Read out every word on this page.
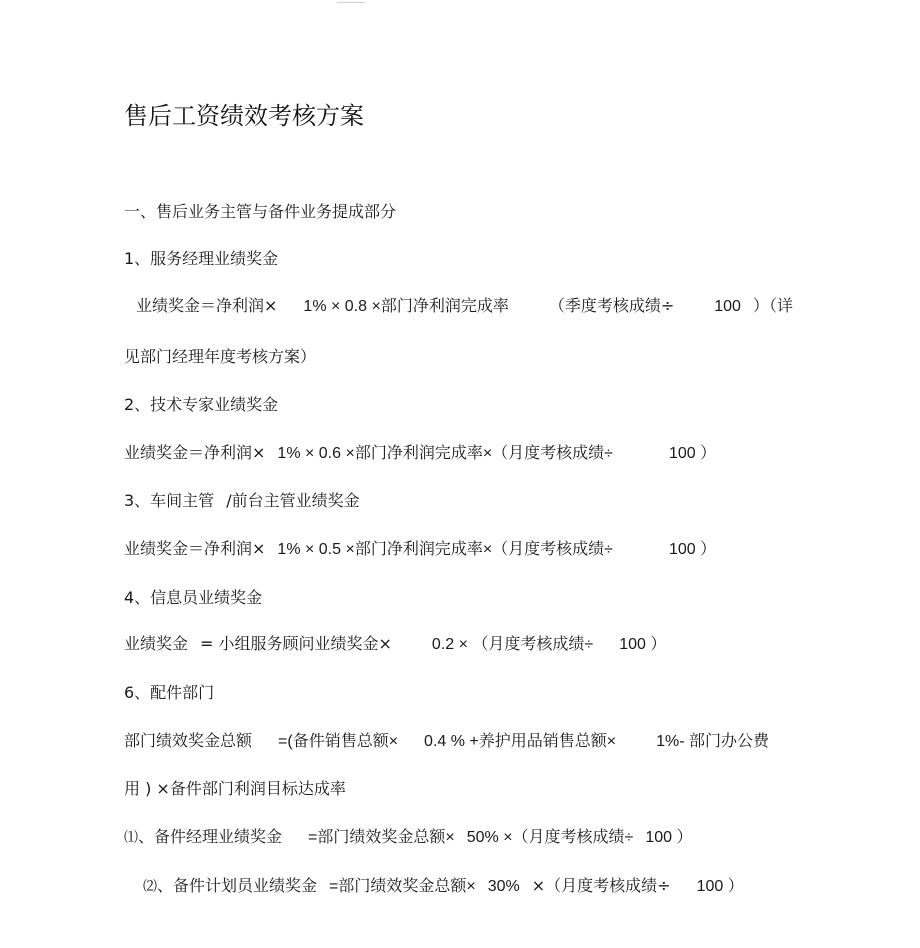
售后工资绩效考核方案
一、售后业务主管与备件业务提成部分
1、服务经理业绩奖金
业绩奖金＝净利润× 1% × 0.8 ×部门净利润完成率	（季度考核成绩÷	100 ）（详
见部门经理年度考核方案）
2、技术专家业绩奖金
业绩奖金＝净利润× 1% × 0.6 ×部门净利润完成率×（月度考核成绩÷	100 ）
3、车间主管 /前台主管业绩奖金
业绩奖金＝净利润× 1% × 0.5 ×部门净利润完成率×（月度考核成绩÷	100 ）
4、信息员业绩奖金
业绩奖金 = 小组服务顾问业绩奖金×	0.2 × （月度考核成绩÷ 100 ）
6、配件部门
部门绩效奖金总额 =(备件销售总额× 0.4 % +养护用品销售总额×	1%- 部门办公费
用 ) ×备件部门利润目标达成率
⑴、备件经理业绩奖金 =部门绩效奖金总额× 50% ×（月度考核成绩÷ 100 ）
⑵、备件计划员业绩奖金 =部门绩效奖金总额× 30% ×（月度考核成绩÷ 100 ）
